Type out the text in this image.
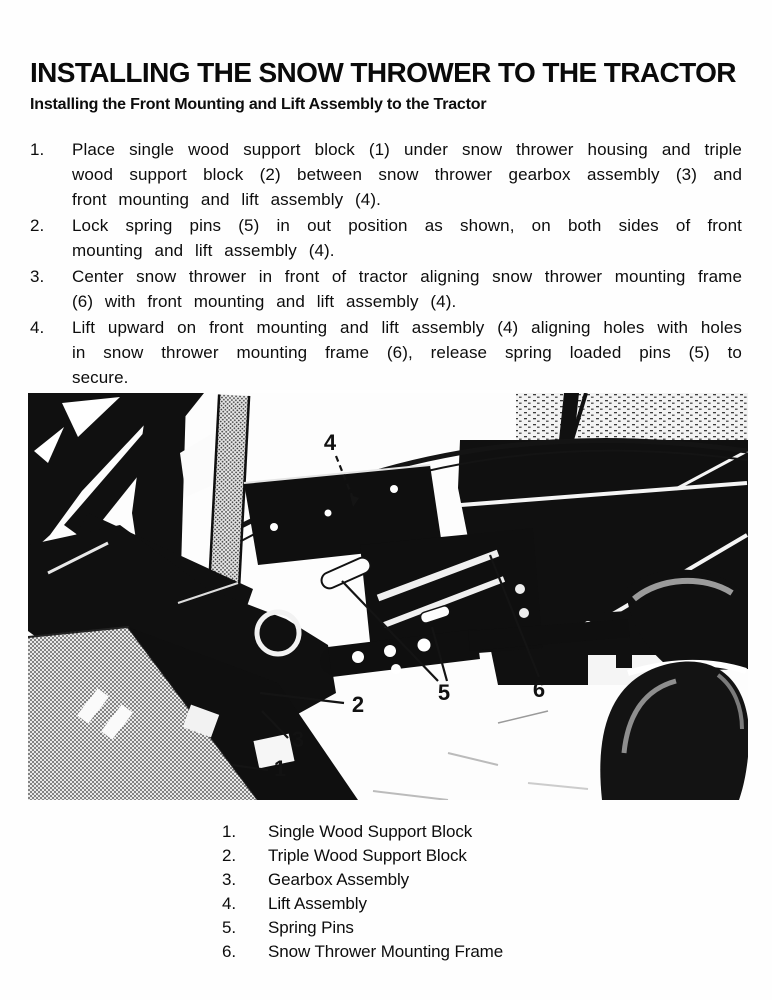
INSTALLING THE SNOW THROWER TO THE TRACTOR
Installing the Front Mounting and Lift Assembly to the Tractor
1.	Place single wood support block (1) under snow thrower housing and triple wood support block (2) between snow thrower gearbox assembly (3) and front mounting and lift assembly (4).
2.	Lock spring pins (5) in out position as shown, on both sides of front mounting and lift assembly (4).
3.	Center snow thrower in front of tractor aligning snow thrower mounting frame (6) with front mounting and lift assembly (4).
4.	Lift upward on front mounting and lift assembly (4) aligning holes with holes in snow thrower mounting frame (6), release spring loaded pins (5) to secure.
4
5	6
2
3
1
1.	Single Wood Support Block
2.	Triple Wood Support Block
3.	Gearbox Assembly
4.	Lift Assembly
5.	Spring Pins
6.	Snow Thrower Mounting Frame
